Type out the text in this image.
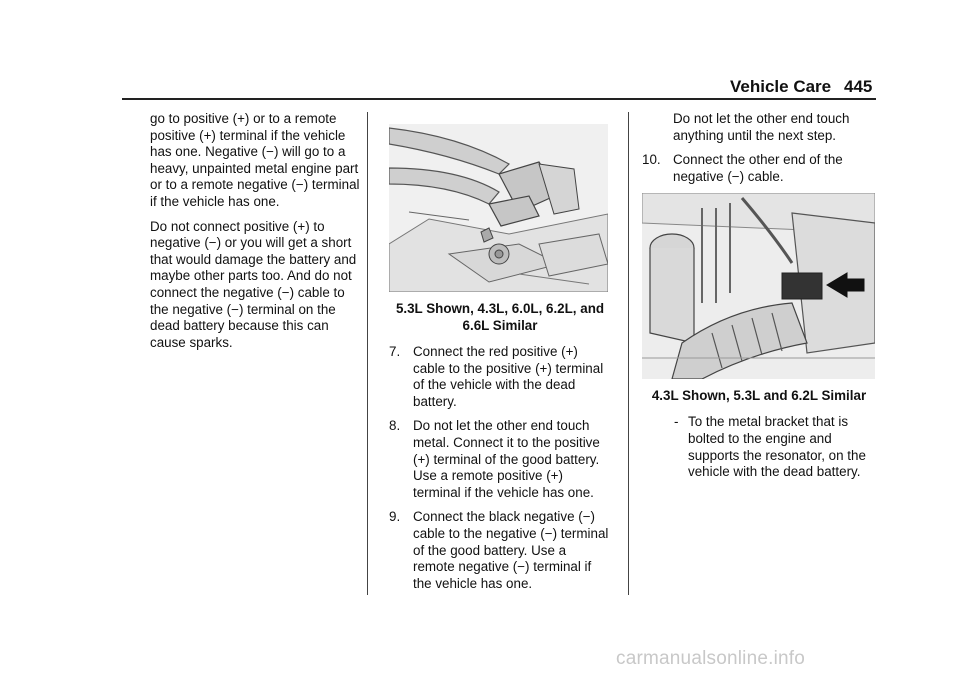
Vehicle Care 445

go to positive (+) or to a remote positive (+) terminal if the vehicle has one. Negative (−) will go to a heavy, unpainted metal engine part or to a remote negative (−) terminal if the vehicle has one.

Do not connect positive (+) to negative (−) or you will get a short that would damage the battery and maybe other parts too. And do not connect the negative (−) cable to the negative (−) terminal on the dead battery because this can cause sparks.

5.3L Shown, 4.3L, 6.0L, 6.2L, and 6.6L Similar
7. Connect the red positive (+) cable to the positive (+) terminal of the vehicle with the dead battery.
8. Do not let the other end touch metal. Connect it to the positive (+) terminal of the good battery. Use a remote positive (+) terminal if the vehicle has one.
9. Connect the black negative (−) cable to the negative (−) terminal of the good battery. Use a remote negative (−) terminal if the vehicle has one.

Do not let the other end touch anything until the next step.

10. Connect the other end of the negative (−) cable.
4.3L Shown, 5.3L and 6.2L Similar
- To the metal bracket that is bolted to the engine and supports the resonator, on the vehicle with the dead battery.
carmanualsonline.info
